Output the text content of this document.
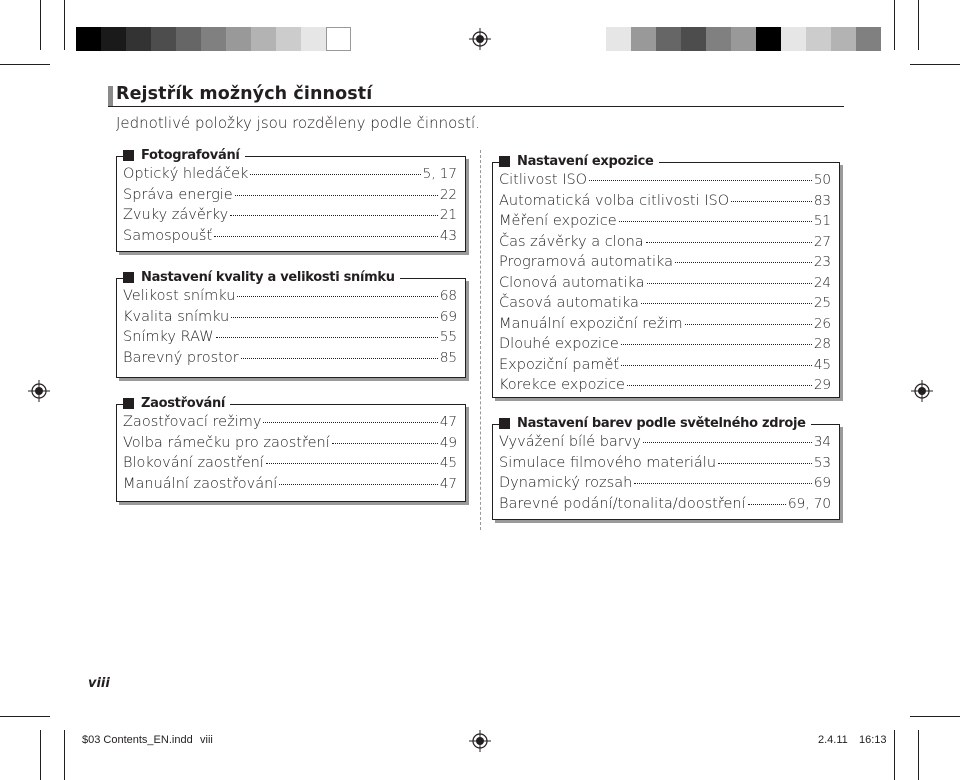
Rejstřík možných činností
Jednotlivé položky jsou rozděleny podle činností.
Fotografování
Optický hledáček	5, 17
Správa energie	22
Zvuky závěrky	21
Samospoušť	43
Nastavení kvality a velikosti snímku
Velikost snímku	68
Kvalita snímku	69
Snímky RAW	55
Barevný prostor	85
Zaostřování
Zaostřovací režimy	47
Volba rámečku pro zaostření	49
Blokování zaostření	45
Manuální zaostřování	47
Nastavení expozice
Citlivost ISO	50
Automatická volba citlivosti ISO	83
Měření expozice	51
Čas závěrky a clona	27
Programová automatika	23
Clonová automatika	24
Časová automatika	25
Manuální expoziční režim	26
Dlouhé expozice	28
Expoziční paměť	45
Korekce expozice	29
Nastavení barev podle světelného zdroje
Vyvážení bílé barvy	34
Simulace filmového materiálu	53
Dynamický rozsah	69
Barevné podání/tonalita/doostření	69, 70
viii
$03 Contents_EN.indd viii	2.4.11 16:13
